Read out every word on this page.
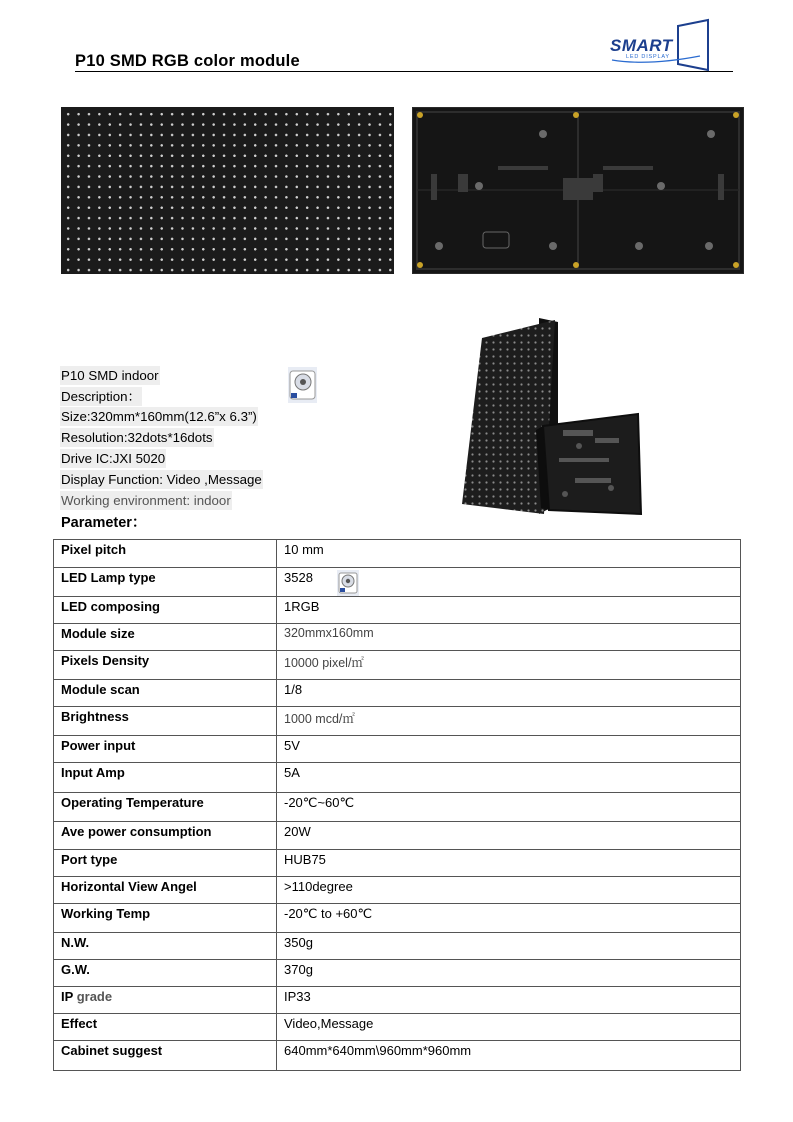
P10 SMD RGB color module
SMART
LED DISPLAY
P10 SMD indoor
Description：
Size:320mm*160mm(12.6”x 6.3”)
Resolution:32dots*16dots
Drive IC:JXI 5020
Display Function: Video ,Message
Working environment: indoor
Parameter：
Pixel pitch	10 mm
LED Lamp type	3528
LED composing	1RGB
Module size	320mmx160mm
Pixels Density	10000 pixel/㎡
Module scan	1/8
Brightness	1000 mcd/㎡
Power input	5V
Input Amp	5A
Operating Temperature	-20℃~60℃
Ave power consumption	20W
Port type	HUB75
Horizontal View Angel	>110degree
Working Temp	-20℃ to +60℃
N.W.	350g
G.W.	370g
IP grade	IP33
Effect	Video,Message
Cabinet suggest	640mm*640mm\960mm*960mm
